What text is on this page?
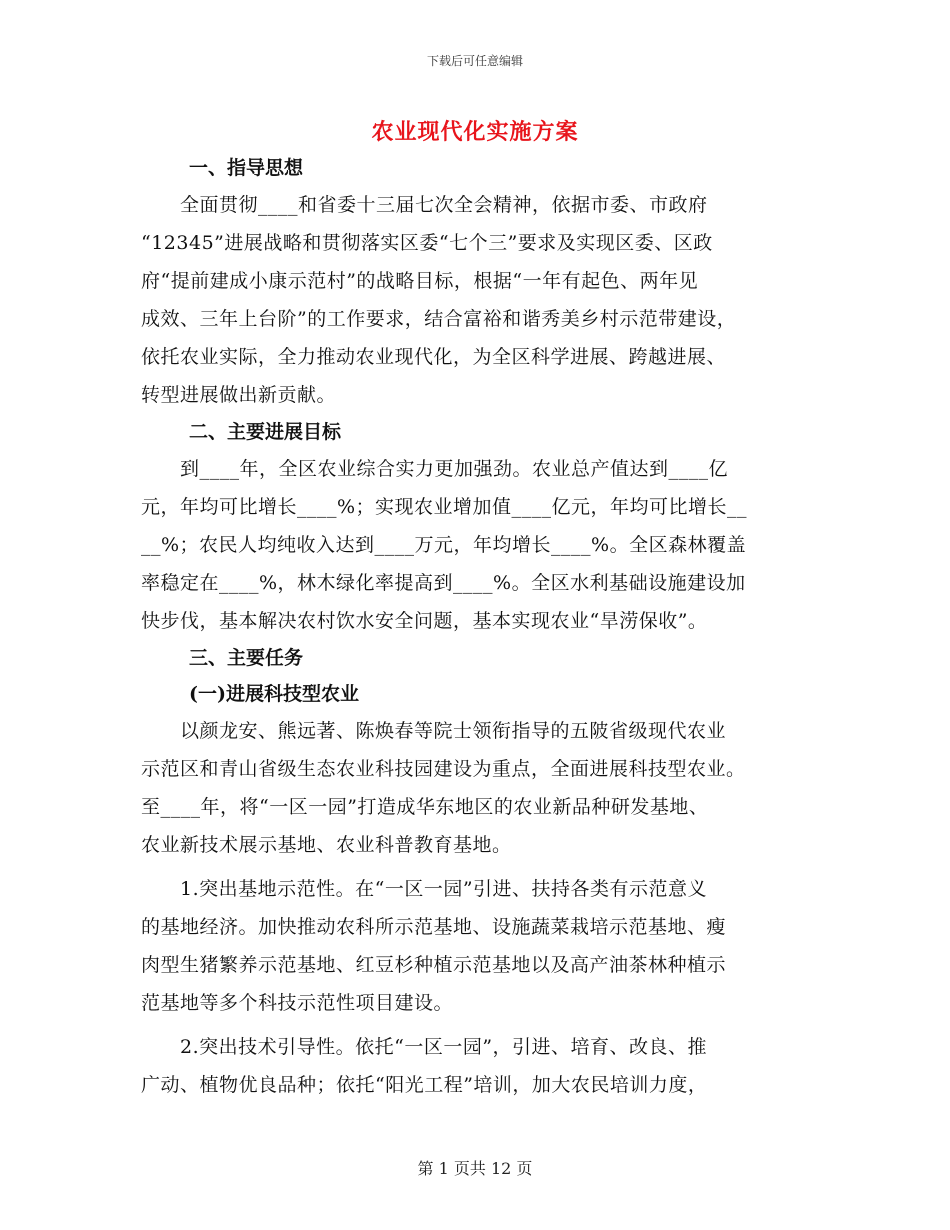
下载后可任意编辑
农业现代化实施方案
一、指导思想
　　全面贯彻____和省委十三届七次全会精神，依据市委、市政府
“12345”进展战略和贯彻落实区委“七个三”要求及实现区委、区政
府“提前建成小康示范村”的战略目标，根据“一年有起色、两年见
成效、三年上台阶”的工作要求，结合富裕和谐秀美乡村示范带建设，
依托农业实际，全力推动农业现代化，为全区科学进展、跨越进展、
转型进展做出新贡献。
二、主要进展目标
　　到____年，全区农业综合实力更加强劲。农业总产值达到____亿
元，年均可比增长____%；实现农业增加值____亿元，年均可比增长__
__%；农民人均纯收入达到____万元，年均增长____%。全区森林覆盖
率稳定在____%，林木绿化率提高到____%。全区水利基础设施建设加
快步伐，基本解决农村饮水安全问题，基本实现农业“旱涝保收”。
三、主要任务
(一)进展科技型农业
　　以颜龙安、熊远著、陈焕春等院士领衔指导的五陂省级现代农业
示范区和青山省级生态农业科技园建设为重点，全面进展科技型农业。
至____年，将“一区一园”打造成华东地区的农业新品种研发基地、
农业新技术展示基地、农业科普教育基地。
　　1.突出基地示范性。在“一区一园”引进、扶持各类有示范意义
的基地经济。加快推动农科所示范基地、设施蔬菜栽培示范基地、瘦
肉型生猪繁养示范基地、红豆杉种植示范基地以及高产油茶林种植示
范基地等多个科技示范性项目建设。
　　2.突出技术引导性。依托“一区一园”，引进、培育、改良、推
广动、植物优良品种；依托“阳光工程”培训，加大农民培训力度，
第 1 页共 12 页
